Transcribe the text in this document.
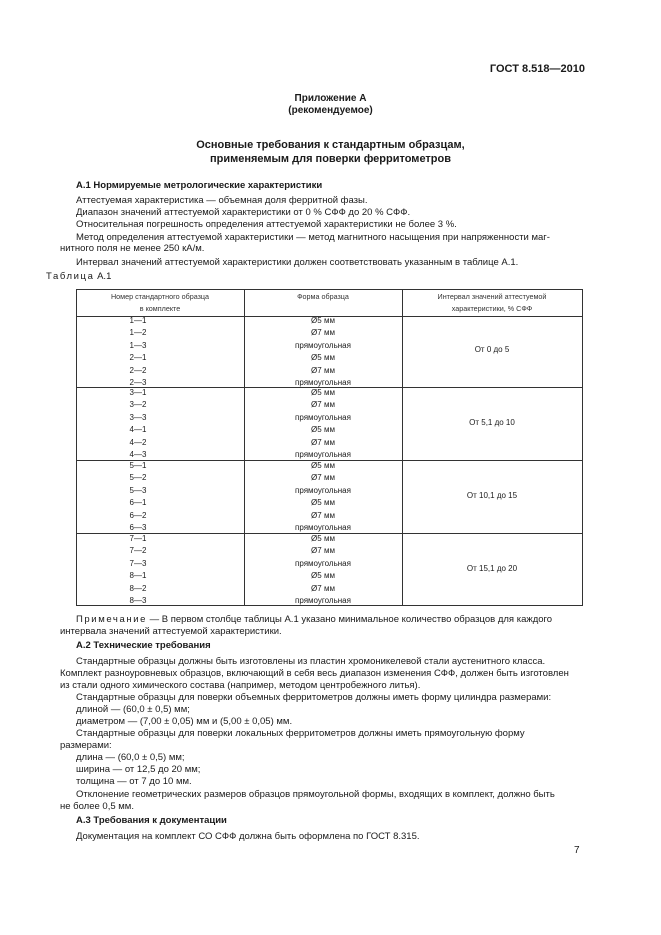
ГОСТ 8.518—2010
Приложение А
(рекомендуемое)
Основные требования к стандартным образцам,
применяемым для поверки ферритометров
А.1 Нормируемые метрологические характеристики
Аттестуемая характеристика — объемная доля ферритной фазы.
Диапазон значений аттестуемой характеристики от 0 % СФФ до 20 % СФФ.
Относительная погрешность определения аттестуемой характеристики не более 3 %.
Метод определения аттестуемой характеристики — метод магнитного насыщения при напряженности маг-
нитного поля не менее 250 кА/м.
Интервал значений аттестуемой характеристики должен соответствовать указанным в таблице А.1.
Таблица А.1
Номер стандартного образца
в комплекте
Форма образца	Интервал значений аттестуемой
характеристики, % СФФ
1—1
1—2
1—3
2—1
2—2
2—3
Ø5 мм
Ø7 мм
прямоугольная
Ø5 мм
Ø7 мм
прямоугольная
От 0 до 5
3—1
3—2
3—3
4—1
4—2
4—3
Ø5 мм
Ø7 мм
прямоугольная
Ø5 мм
Ø7 мм
прямоугольная
От 5,1 до 10
5—1
5—2
5—3
6—1
6—2
6—3
Ø5 мм
Ø7 мм
прямоугольная
Ø5 мм
Ø7 мм
прямоугольная
От 10,1 до 15
7—1
7—2
7—3
8—1
8—2
8—3
Ø5 мм
Ø7 мм
прямоугольная
Ø5 мм
Ø7 мм
прямоугольная
От 15,1 до 20
Примечание — В первом столбце таблицы А.1 указано минимальное количество образцов для каждого
интервала значений аттестуемой характеристики.
А.2 Технические требования
Стандартные образцы должны быть изготовлены из пластин хромоникелевой стали аустенитного класса.
Комплект разноуровневых образцов, включающий в себя весь диапазон изменения СФФ, должен быть изготовлен
из стали одного химического состава (например, методом центробежного литья).
Стандартные образцы для поверки объемных ферритометров должны иметь форму цилиндра размерами:
длиной — (60,0 ± 0,5) мм;
диаметром — (7,00 ± 0,05) мм и (5,00 ± 0,05) мм.
Стандартные образцы для поверки локальных ферритометров должны иметь прямоугольную форму
размерами:
длина — (60,0 ± 0,5) мм;
ширина — от 12,5 до 20 мм;
толщина — от 7 до 10 мм.
Отклонение геометрических размеров образцов прямоугольной формы, входящих в комплект, должно быть
не более 0,5 мм.
А.3 Требования к документации
Документация на комплект СО СФФ должна быть оформлена по ГОСТ 8.315.
7
